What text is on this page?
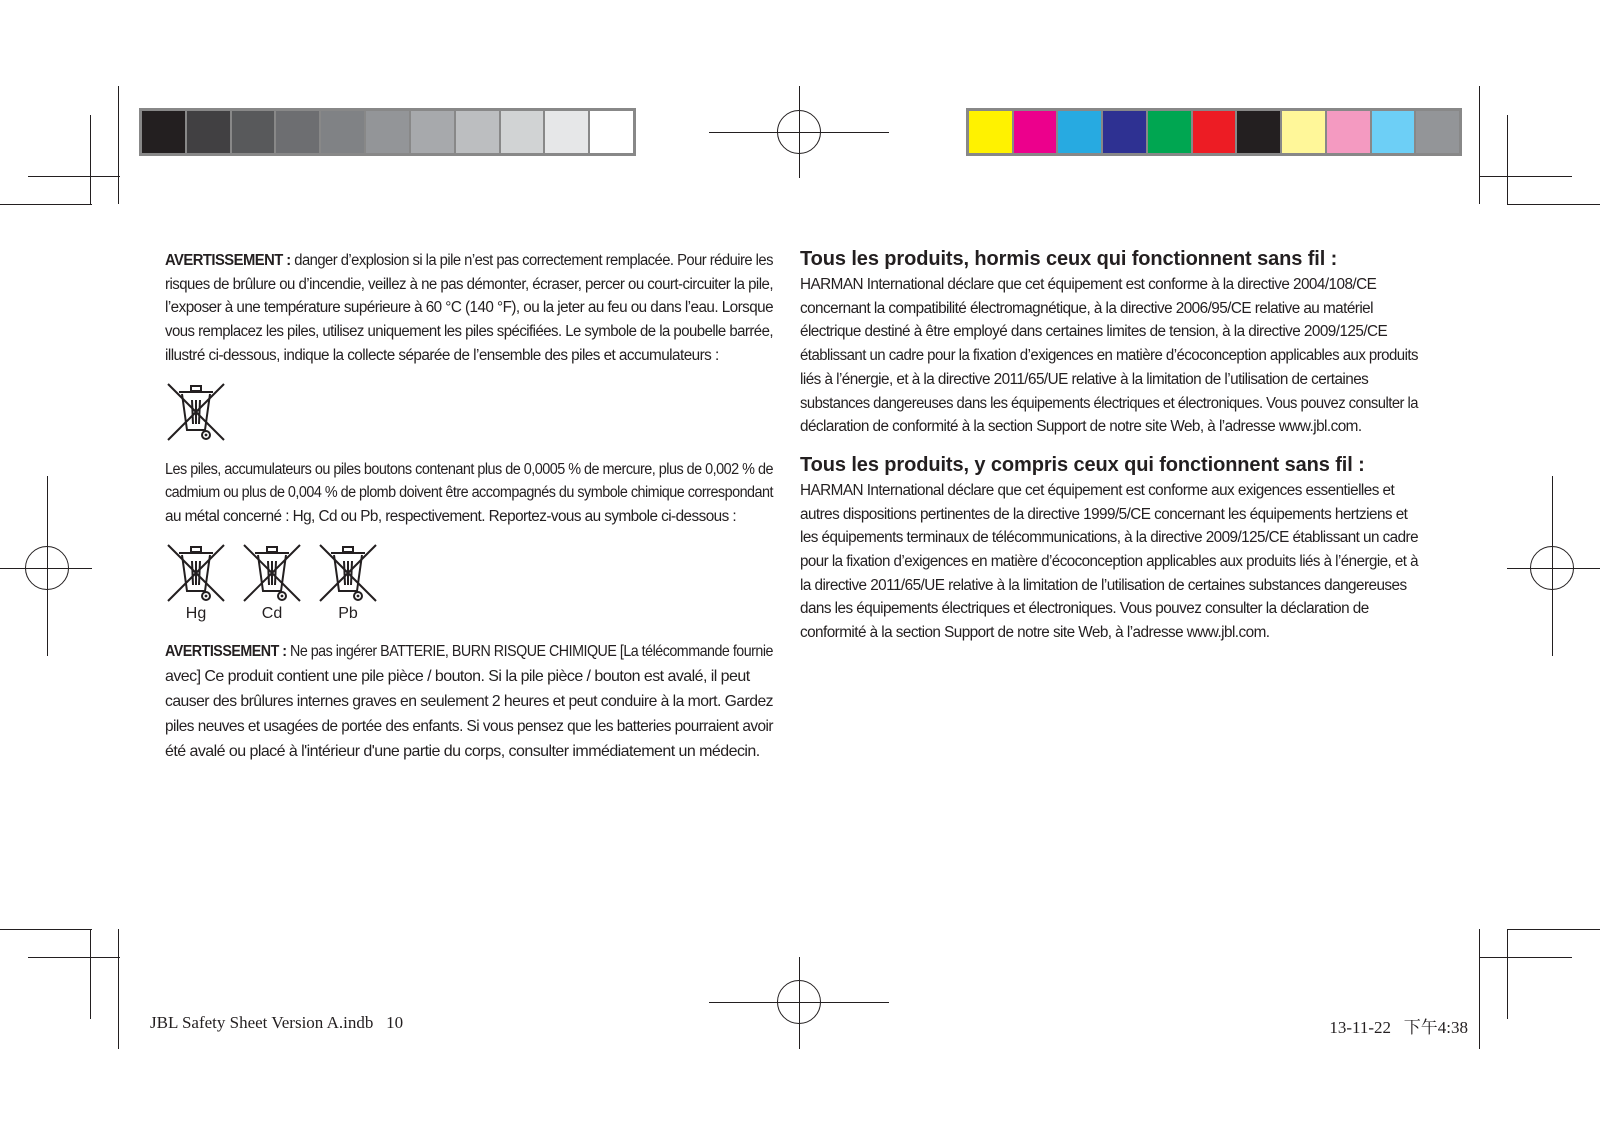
AVERTISSEMENT : danger d’explosion si la pile n’est pas correctement remplacée. Pour réduire les
risques de brûlure ou d’incendie, veillez à ne pas démonter, écraser, percer ou court-circuiter la pile,
l’exposer à une température supérieure à 60 °C (140 °F), ou la jeter au feu ou dans l’eau. Lorsque
vous remplacez les piles, utilisez uniquement les piles spécifiées. Le symbole de la poubelle barrée,
illustré ci-dessous, indique la collecte séparée de l’ensemble des piles et accumulateurs :
Les piles, accumulateurs ou piles boutons contenant plus de 0,0005 % de mercure, plus de 0,002 % de
cadmium ou plus de 0,004 % de plomb doivent être accompagnés du symbole chimique correspondant
au métal concerné : Hg, Cd ou Pb, respectivement. Reportez-vous au symbole ci-dessous :
Hg	Cd	Pb
AVERTISSEMENT : Ne pas ingérer BATTERIE, BURN RISQUE CHIMIQUE [La télécommande fournie
avec] Ce produit contient une pile pièce / bouton. Si la pile pièce / bouton est avalé, il peut
causer des brûlures internes graves en seulement 2 heures et peut conduire à la mort. Gardez
piles neuves et usagées de portée des enfants. Si vous pensez que les batteries pourraient avoir
été avalé ou placé à l'intérieur d'une partie du corps, consulter immédiatement un médecin.
Tous les produits, hormis ceux qui fonctionnent sans fil :
HARMAN International déclare que cet équipement est conforme à la directive 2004/108/CE
concernant la compatibilité électromagnétique, à la directive 2006/95/CE relative au matériel
électrique destiné à être employé dans certaines limites de tension, à la directive 2009/125/CE
établissant un cadre pour la fixation d’exigences en matière d’écoconception applicables aux produits
liés à l’énergie, et à la directive 2011/65/UE relative à la limitation de l’utilisation de certaines
substances dangereuses dans les équipements électriques et électroniques. Vous pouvez consulter la
déclaration de conformité à la section Support de notre site Web, à l’adresse www.jbl.com.
Tous les produits, y compris ceux qui fonctionnent sans fil :
HARMAN International déclare que cet équipement est conforme aux exigences essentielles et
autres dispositions pertinentes de la directive 1999/5/CE concernant les équipements hertziens et
les équipements terminaux de télécommunications, à la directive 2009/125/CE établissant un cadre
pour la fixation d’exigences en matière d’écoconception applicables aux produits liés à l’énergie, et à
la directive 2011/65/UE relative à la limitation de l’utilisation de certaines substances dangereuses
dans les équipements électriques et électroniques. Vous pouvez consulter la déclaration de
conformité à la section Support de notre site Web, à l’adresse www.jbl.com.
JBL Safety Sheet Version A.indb   10	13-11-22   下午4:38
